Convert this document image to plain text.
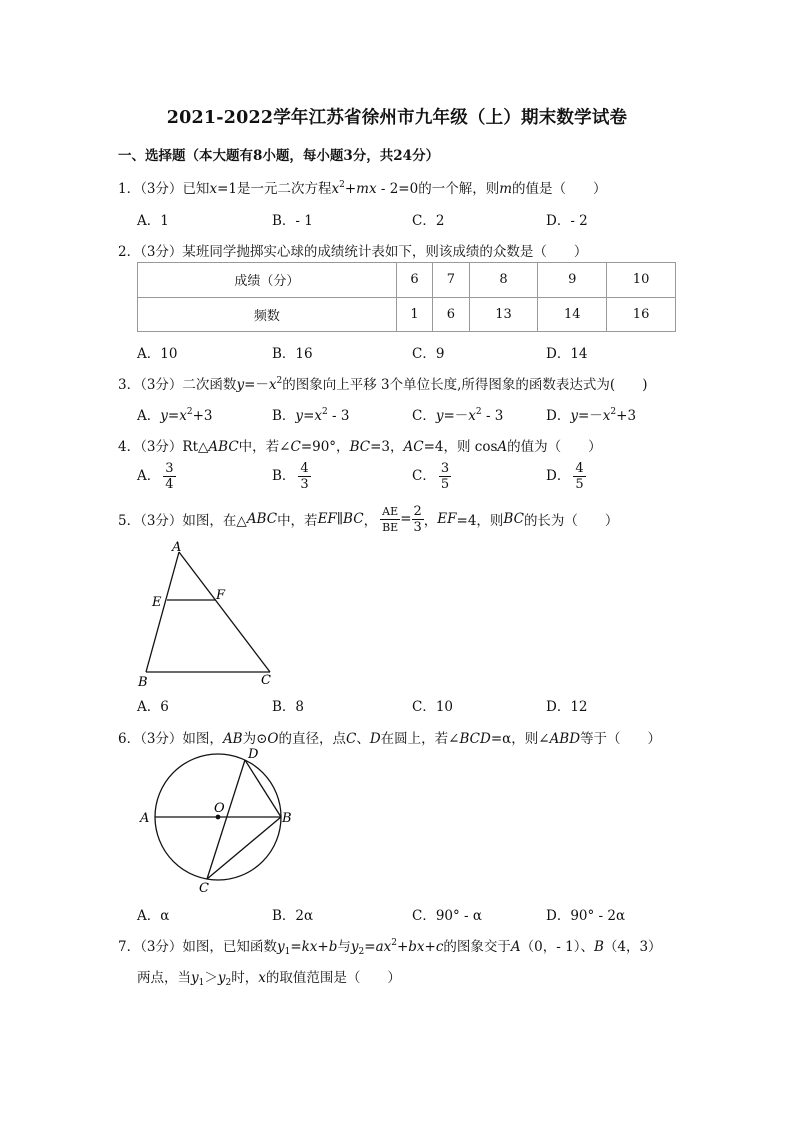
2021-2022学年江苏省徐州市九年级（上）期末数学试卷
一、选择题（本大题有8小题，每小题3分，共24分）
1．（3分）已知x=1是一元二次方程$x^2+mx - 2=0$的一个解，则m的值是（　　）
A．1	B．- 1	C．2	D．- 2
2．（3分）某班同学抛掷实心球的成绩统计表如下，则该成绩的众数是（　　）
成绩（分）	6	7	8	9	10
频数	1	6	13	14	16
A．10	B．16	C．9	D．14
3．（3分）二次函数$y=-x^2$的图象向上平移 3个单位长度,所得图象的函数表达式为(　　)
A．$y=x^2+3$	B．$y=x^2 - 3$	C．$y=-x^2 - 3$	D．$y=-x^2+3$
4．（3分）Rt△ABC中，若∠C=90°，BC=3，AC=4，则 cosA的值为（　　）
A． $\frac{3}{4}$	B． $\frac{4}{3}$	C． $\frac{3}{5}$	D． $\frac{4}{5}$
5．（3分）如图，在△ ABC 中，若 EF ∥ BC ， $\frac{AE}{BE} = \frac{2}{3}$ ， EF =4，则 BC 的长为（　　）
A
E	F
B	C
A．6	B．8	C．10	D．12
6．（3分）如图，AB为⊙O的直径，点C、D在圆上，若∠BCD=α，则∠ABD等于（　　）
D
O
A	B
C
A．α	B．2α	C．90° - α	D．90° - 2α
7．（3分）如图，已知函数$y_1=kx+b$与$y_2=ax^2+bx+c$的图象交于A（0，- 1）、B（4，3）
两点，当$y_1>y_2$时，x的取值范围是（　　）
